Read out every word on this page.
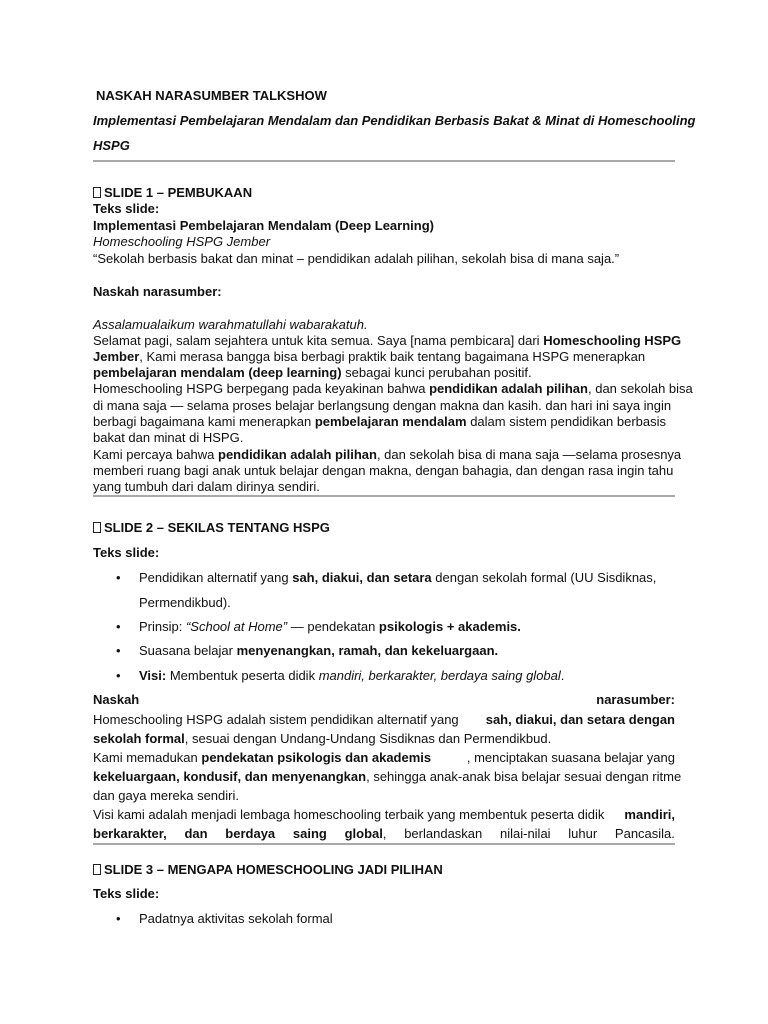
NASKAH NARASUMBER TALKSHOW
Implementasi Pembelajaran Mendalam dan Pendidikan Berbasis Bakat & Minat di Homeschooling
HSPG
SLIDE 1 – PEMBUKAAN
Teks slide:
Implementasi Pembelajaran Mendalam (Deep Learning)
Homeschooling HSPG Jember
“Sekolah berbasis bakat dan minat – pendidikan adalah pilihan, sekolah bisa di mana saja.”
Naskah narasumber:
Assalamualaikum warahmatullahi wabarakatuh.
Selamat pagi, salam sejahtera untuk kita semua. Saya [nama pembicara] dari Homeschooling HSPG
Jember, Kami merasa bangga bisa berbagi praktik baik tentang bagaimana HSPG menerapkan
pembelajaran mendalam (deep learning) sebagai kunci perubahan positif.
Homeschooling HSPG berpegang pada keyakinan bahwa pendidikan adalah pilihan, dan sekolah bisa
di mana saja — selama proses belajar berlangsung dengan makna dan kasih. dan hari ini saya ingin
berbagi bagaimana kami menerapkan pembelajaran mendalam dalam sistem pendidikan berbasis
bakat dan minat di HSPG.
Kami percaya bahwa pendidikan adalah pilihan, dan sekolah bisa di mana saja —selama prosesnya
memberi ruang bagi anak untuk belajar dengan makna, dengan bahagia, dan dengan rasa ingin tahu
yang tumbuh dari dalam dirinya sendiri.
SLIDE 2 – SEKILAS TENTANG HSPG
Teks slide:
• Pendidikan alternatif yang sah, diakui, dan setara dengan sekolah formal (UU Sisdiknas,
Permendikbud).
• Prinsip: “School at Home” — pendekatan psikologis + akademis.
• Suasana belajar menyenangkan, ramah, dan kekeluargaan.
• Visi: Membentuk peserta didik mandiri, berkarakter, berdaya saing global.
Naskah	narasumber:
Homeschooling HSPG adalah sistem pendidikan alternatif yang sah, diakui, dan setara dengan
sekolah formal, sesuai dengan Undang-Undang Sisdiknas dan Permendikbud.
Kami memadukan pendekatan psikologis dan akademis	, menciptakan suasana belajar yang
kekeluargaan, kondusif, dan menyenangkan , sehingga anak-anak bisa belajar sesuai dengan ritme
dan gaya mereka sendiri.
Visi kami adalah menjadi lembaga homeschooling terbaik yang membentuk peserta didik mandiri,
berkarakter, dan berdaya saing global, berlandaskan nilai-nilai luhur Pancasila.
SLIDE 3 – MENGAPA HOMESCHOOLING JADI PILIHAN
Teks slide:
• Padatnya aktivitas sekolah formal
